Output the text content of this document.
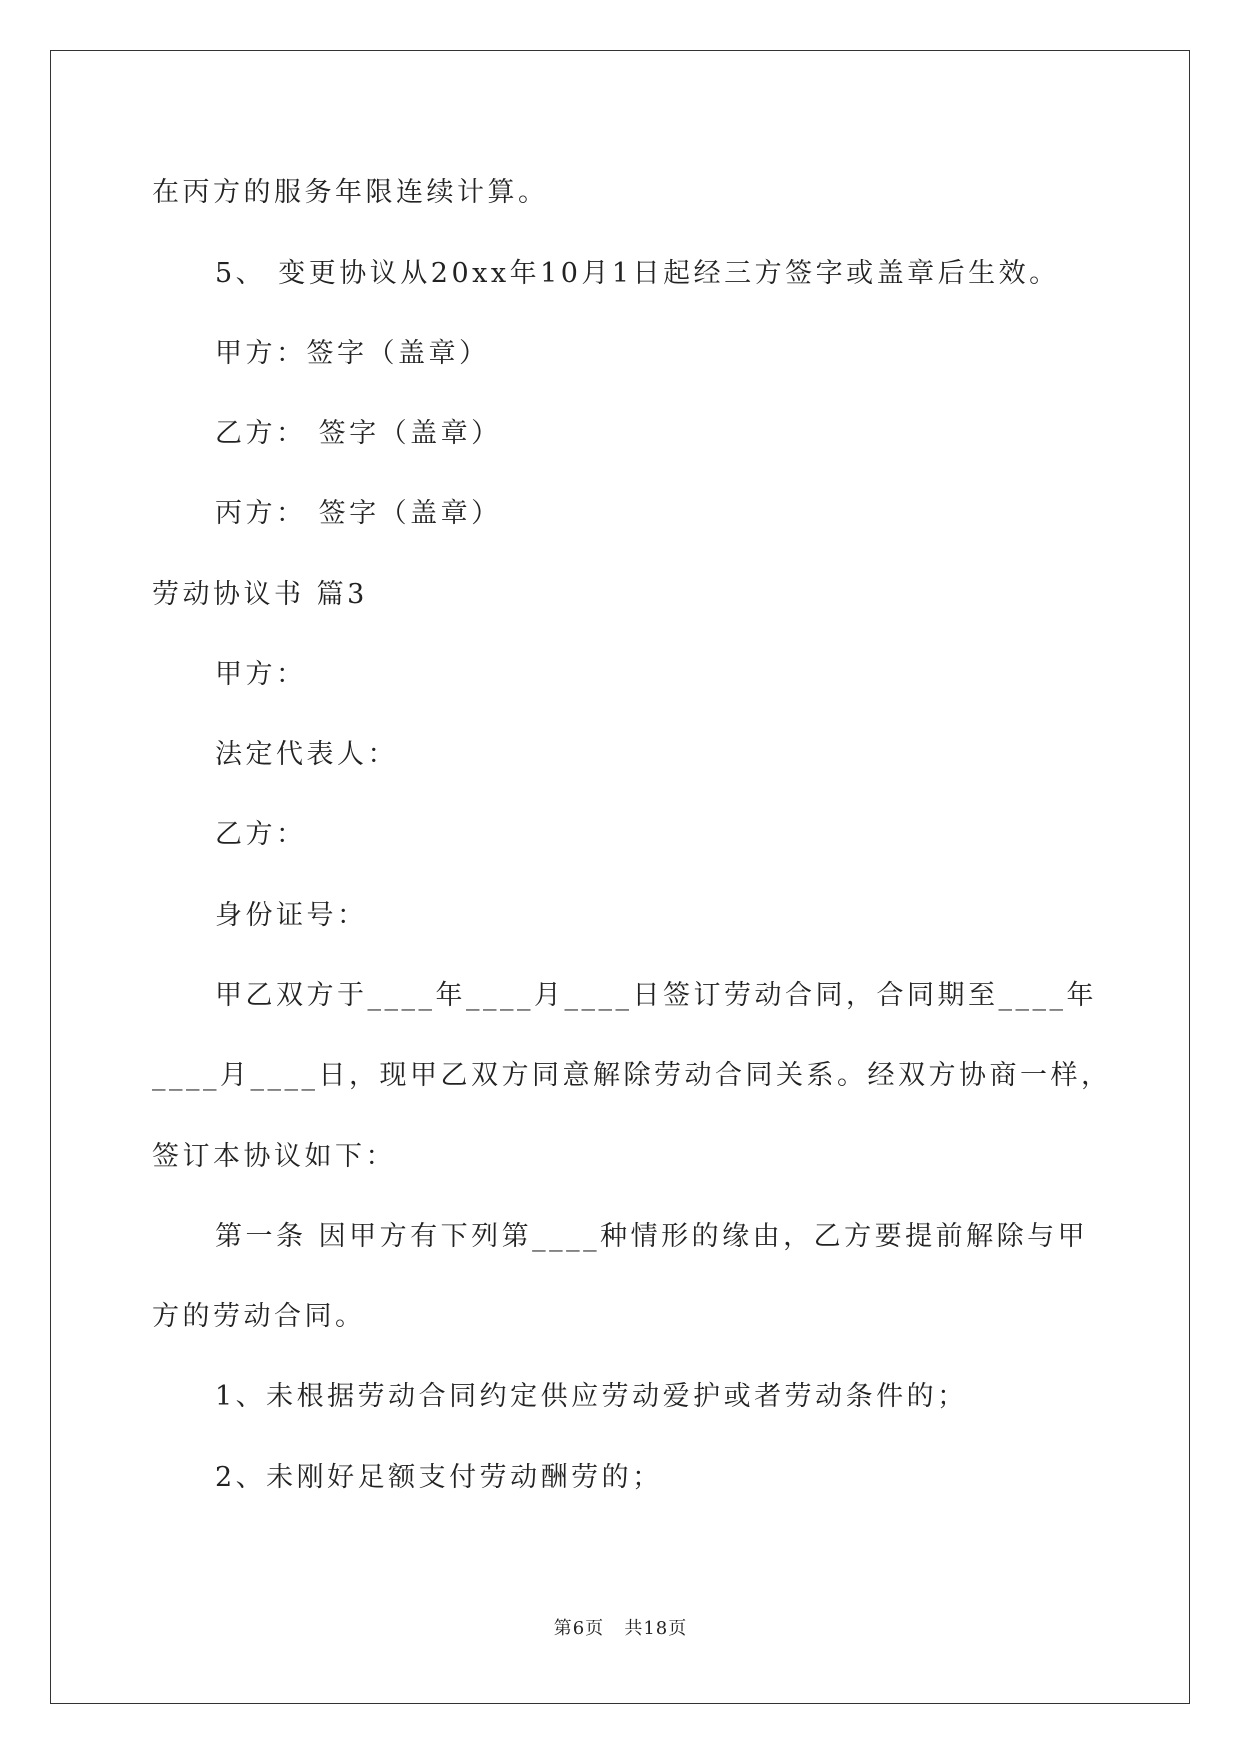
在丙方的服务年限连续计算。
5、 变更协议从20xx年10月1日起经三方签字或盖章后生效。
甲方：签字（盖章）
乙方： 签字（盖章）
丙方： 签字（盖章）
劳动协议书 篇3
甲方：
法定代表人：
乙方：
身份证号：
甲乙双方于____年____月____日签订劳动合同，合同期至____年
____月____日，现甲乙双方同意解除劳动合同关系。经双方协商一样，
签订本协议如下：
第一条 因甲方有下列第____种情形的缘由，乙方要提前解除与甲
方的劳动合同。
1、未根据劳动合同约定供应劳动爱护或者劳动条件的；
2、未刚好足额支付劳动酬劳的；
第6页   共18页
